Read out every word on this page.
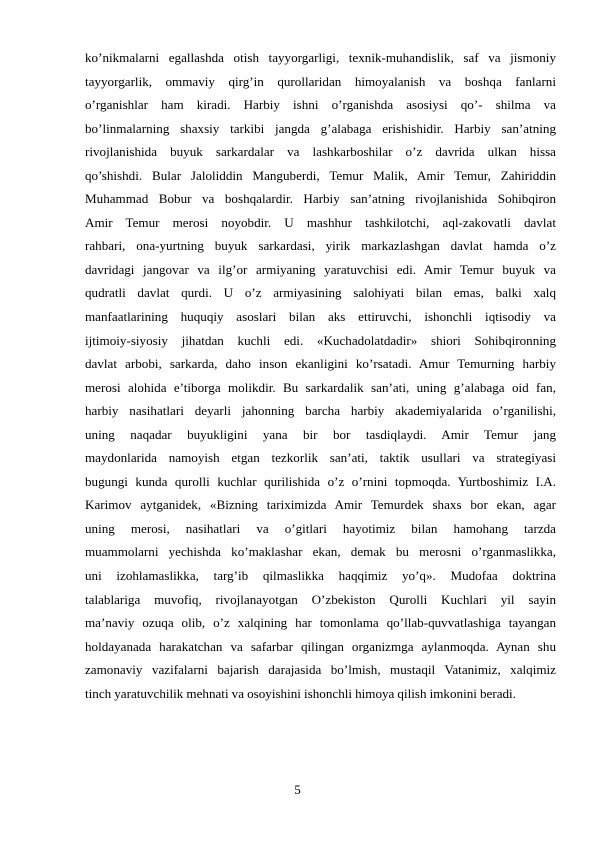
ko’nikmalarni egallashda otish tayyorgarligi, texnik-muhandislik, saf va jismoniy
tayyorgarlik, ommaviy qirg’in qurollaridan himoyalanish va boshqa fanlarni
o’rganishlar ham kiradi. Harbiy ishni o’rganishda asosiysi qo’- shilma va
bo’linmalarning shaxsiy tarkibi jangda g’alabaga erishishidir. Harbiy san’atning
rivojlanishida buyuk sarkardalar va lashkarboshilar o’z davrida ulkan hissa
qo’shishdi. Bular Jaloliddin Manguberdi, Temur Malik, Amir Temur, Zahiriddin
Muhammad Bobur va boshqalardir. Harbiy san’atning rivojlanishida Sohibqiron
Amir Temur merosi noyobdir. U mashhur tashkilotchi, aql-zakovatli davlat
rahbari, ona-yurtning buyuk sarkardasi, yirik markazlashgan davlat hamda o’z
davridagi jangovar va ilg’or armiyaning yaratuvchisi edi. Amir Temur buyuk va
qudratli davlat qurdi. U o’z armiyasining salohiyati bilan emas, balki xalq
manfaatlarining huquqiy asoslari bilan aks ettiruvchi, ishonchli iqtisodiy va
ijtimoiy-siyosiy jihatdan kuchli edi. «Kuchadolatdadir» shiori Sohibqironning
davlat arbobi, sarkarda, daho inson ekanligini ko’rsatadi. Amur Temurning harbiy
merosi alohida e’tiborga molikdir. Bu sarkardalik san’ati, uning g’alabaga oid fan,
harbiy nasihatlari deyarli jahonning barcha harbiy akademiyalarida o’rganilishi,
uning naqadar buyukligini yana bir bor tasdiqlaydi. Amir Temur jang
maydonlarida namoyish etgan tezkorlik san’ati, taktik usullari va strategiyasi
bugungi kunda qurolli kuchlar qurilishida o’z o’rnini topmoqda. Yurtboshimiz I.A.
Karimov aytganidek, «Bizning tariximizda Amir Temurdek shaxs bor ekan, agar
uning merosi, nasihatlari va o’gitlari hayotimiz bilan hamohang tarzda
muammolarni yechishda ko’maklashar ekan, demak bu merosni o’rganmaslikka,
uni izohlamaslikka, targ’ib qilmaslikka haqqimiz yo’q». Mudofaa doktrina
talablariga muvofiq, rivojlanayotgan O’zbekiston Qurolli Kuchlari yil sayin
ma’naviy ozuqa olib, o’z xalqining har tomonlama qo’llab-quvvatlashiga tayangan
holdayanada harakatchan va safarbar qilingan organizmga aylanmoqda. Aynan shu
zamonaviy vazifalarni bajarish darajasida bo’lmish, mustaqil Vatanimiz, xalqimiz
tinch yaratuvchilik mehnati va osoyishini ishonchli himoya qilish imkonini beradi.
5
